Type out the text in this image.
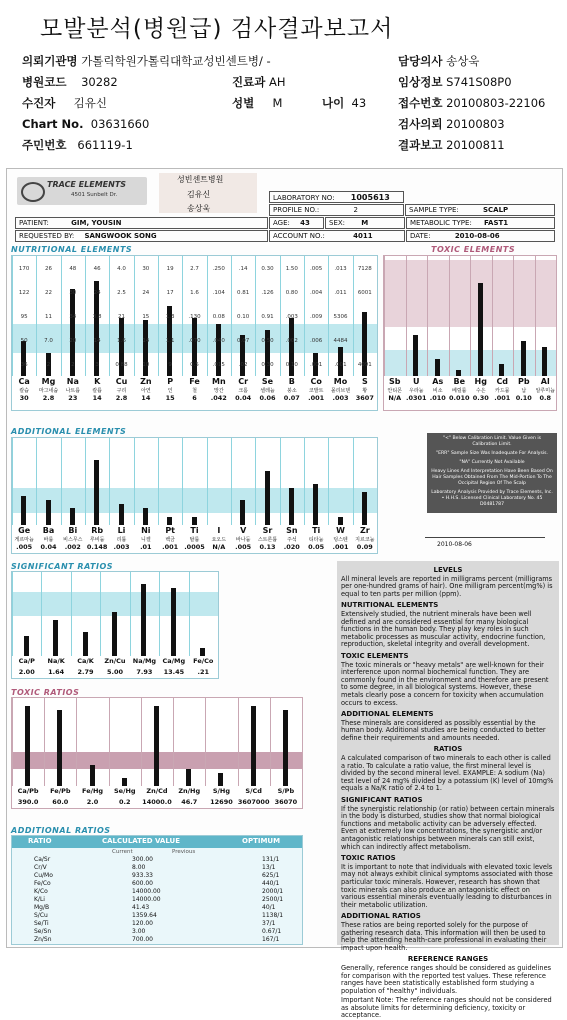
모발분석(병원급) 검사결과보고서
의뢰기관명 가톨릭학원가톨릭대학교성빈센트병/ -
병원코드 30282
수진자 김유신
Chart No. 03631660
주민번호 661119-1
진료과 AH
성별 M	나이 43
담당의사 송상욱
임상정보 S741S08P0
접수번호 20100803-22106
검사의뢰 20100803
결과보고 20100811
TRACE ELEMENTS
4501 Sunbelt Dr.
성빈센트병원
김유신
송상욱
LABORATORY NO: 1005613
PROFILE NO.:	2	SAMPLE TYPE:	SCALP
PATIENT:	GIM, YOUSIN	AGE: 43	SEX: M	METABOLIC TYPE: FAST1
REQUESTED BY: SANGWOOK SONG	ACCOUNT NO.:	4011	DATE:	2010-08-06
NUTRITIONAL ELEMENTS
Ca
칼슘
30
Mg
마그네슘
2.8
Na
나트륨
23
K
칼륨
14
Cu
구리
2.8
Zn
아연
14
P
인
15
Fe
철
6
Mn
망간
.042
Cr
크롬
0.04
Se
셀레늄
0.06
B
붕소
0.07
Co
코발트
.001
Mo
몰리브덴
.003
S
황
3607
170	26	48	46	4.0	30	19	2.7	.250	.14	0.30	1.50	.005	.013	7128
122	22	30	24	2.5	24	17	1.6	.104	0.81	.126	0.80	.004	.011	6001
95	11	34	3.8	21	15	1.3	.130	0.08	0.10	0.91	.003	.009	5306
50	7.0	20	14	1.6	14	1.1	.070	.040	0.07	0.50	.002	.006	4484
36	2	2	3	0.88	10	9	0.5	.015	.02	0.30	0.10	.001	.001	4091
TOXIC ELEMENTS
Sb
안티몬
N/A
U
우라늄
.0301
As
비소
.010
Be
베릴륨
0.010
Hg
수은
0.30
Cd
카드뮴
.001
Pb
납
0.10
Al
알루미늄
0.8
ADDITIONAL ELEMENTS
Ge
게르마늄
.005
Ba
바륨
0.04
Bi
비스무스
.002
Rb
루비듐
0.148
Li
리튬
.003
Ni
니켈
.01
Pt
백금
.001
Ti
탈륨
.0005
I
요오드
N/A
V
바나듐
.005
Sr
스트론튬
0.13
Sn
주석
.020
Ti
티타늄
0.05
W
텅스텐
.001
Zr
지르코늄
0.09
"<" Below Calibration Limit. Value Given is Calibration Limit.
"ERR" Sample Size Was Inadequate For Analysis.
"NA" Currently Not Available
Heavy Lines And Interpretation Have Been Based On Hair Samples Obtained From The Mid-Portion To The Occipital Region Of The Scalp
Laboratory Analysis Provided by Trace Elements, Inc. • H.H.S. Licensed Clinical Laboratory No. 45 D0481787
2010-08-06
SIGNIFICANT RATIOS
Ca/P
2.00
Na/K
1.64
Ca/K
2.79
Zn/Cu
5.00
Na/Mg
7.93
Ca/Mg
13.45
Fe/Co
.21
TOXIC RATIOS
Ca/Pb
390.0
Fe/Pb
60.0
Fe/Hg
2.0
Se/Hg
0.2
Zn/Cd
14000.0
Zn/Hg
46.7
S/Hg
12690
S/Cd
3607000
S/Pb
36070
ADDITIONAL RATIOS
RATIO	CALCULATED VALUE	OPTIMUM
Current	Previous
Ca/Sr	300.00	131/1
Cr/V	8.00	13/1
Cu/Mo	933.33	625/1
Fe/Co	600.00	440/1
K/Co	14000.00	2000/1
K/Li	14000.00	2500/1
Mg/B	41.43	40/1
S/Cu	1359.64	1138/1
Se/Ti	120.00	37/1
Se/Sn	3.00	0.67/1
Zn/Sn	700.00	167/1
LEVELS

All mineral levels are reported in milligrams percent (milligrams per one-hundred grams of hair). One milligram percent(mg%) is equal to ten parts per million (ppm).

NUTRITIONAL ELEMENTS

Extensively studied, the nutrient minerals have been well defined and are considered essential for many biological functions in the human body. They play key roles in such metabolic processes as muscular activity, endocrine function, reproduction, skeletal integrity and overall development.

TOXIC ELEMENTS

The toxic minerals or "heavy metals" are well-known for their interference upon normal biochemical function. They are commonly found in the environment and therefore are present to some degree, in all biological systems. However, these metals clearly pose a concern for toxicity when accumulation occurs to excess.

ADDITIONAL ELEMENTS

These minerals are considered as possibly essential by the human body. Additional studies are being conducted to better define their requirements and amounts needed.

RATIOS

A calculated comparison of two minerals to each other is called a ratio. To calculate a ratio value, the first mineral level is divided by the second mineral level. EXAMPLE: A sodium (Na) test level of 24 mg% divided by a potassium (K) level of 10mg% equals a Na/K ratio of 2.4 to 1.

SIGNIFICANT RATIOS

If the synergistic relationship (or ratio) between certain minerals in the body is disturbed, studies show that normal biological functions and metabolic activity can be adversely effected. Even at extremely low concentrations, the synergistic and/or antagonistic relationships between minerals can still exist, which can indirectly affect metabolism.

TOXIC RATIOS

It is important to note that individuals with elevated toxic levels may not always exhibit clinical symptoms associated with those particular toxic minerals. However, research has shown that toxic minerals can also produce an antagonistic effect on various essential minerals eventually leading to disturbances in their metabolic utilization.

ADDITIONAL RATIOS

These ratios are being reported solely for the purpose of gathering research data. This information will then be used to help the attending health-care professional in evaluating their impact upon health.

REFERENCE RANGES

Generally, reference ranges should be considered as guidelines for comparison with the reported test values. These reference ranges have been statistically established form studying a population of "healthy" individuals.

Important Note: The reference ranges should not be considered as absolute limits for determining deficiency, toxicity or acceptance.
